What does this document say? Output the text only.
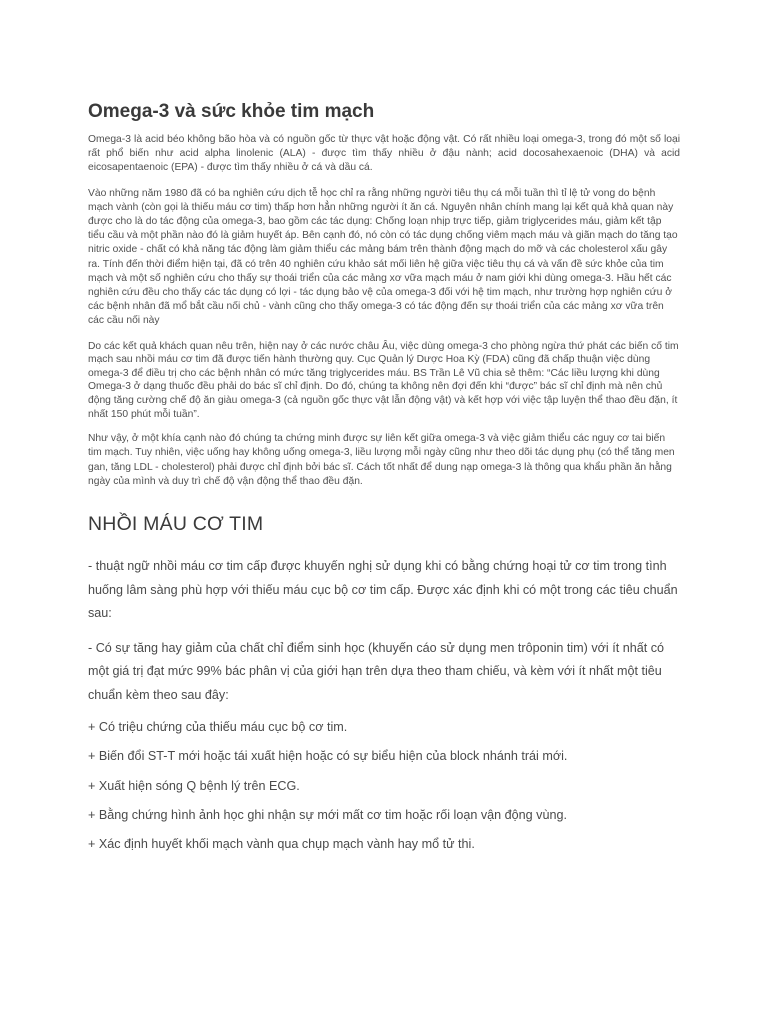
Omega-3 và sức khỏe tim mạch

Omega-3 là acid béo không bão hòa và có nguồn gốc từ thực vật hoặc động vật. Có rất nhiều loại omega-3, trong đó một số loại rất phổ biến như acid alpha linolenic (ALA) - được tìm thấy nhiều ở đậu nành; acid docosahexaenoic (DHA) và acid eicosapentaenoic (EPA) - được tìm thấy nhiều ở cá và dầu cá.

Vào những năm 1980 đã có ba nghiên cứu dịch tễ học chỉ ra rằng những người tiêu thụ cá mỗi tuần thì tỉ lệ tử vong do bệnh mạch vành (còn gọi là thiếu máu cơ tim) thấp hơn hẳn những người ít ăn cá. Nguyên nhân chính mang lại kết quả khả quan này được cho là do tác động của omega-3, bao gồm các tác dụng: Chống loạn nhịp trực tiếp, giảm triglycerides máu, giảm kết tập tiểu cầu và một phần nào đó là giảm huyết áp. Bên cạnh đó, nó còn có tác dụng chống viêm mạch máu và giãn mạch do tăng tạo nitric oxide - chất có khả năng tác động làm giảm thiểu các mảng bám trên thành động mạch do mỡ và các cholesterol xấu gây ra. Tính đến thời điểm hiện tại, đã có trên 40 nghiên cứu khảo sát mối liên hệ giữa việc tiêu thụ cá và vấn đề sức khỏe của tim mạch và một số nghiên cứu cho thấy sự thoái triển của các mảng xơ vữa mạch máu ở nam giới khi dùng omega-3. Hầu hết các nghiên cứu đều cho thấy các tác dụng có lợi - tác dụng bảo vệ của omega-3 đối với hệ tim mạch, như trường hợp nghiên cứu ở các bệnh nhân đã mổ bắt cầu nối chủ - vành cũng cho thấy omega-3 có tác động đến sự thoái triển của các mảng xơ vữa trên các cầu nối này

Do các kết quả khách quan nêu trên, hiện nay ở các nước châu Âu, việc dùng omega-3 cho phòng ngừa thứ phát các biến cố tim mạch sau nhồi máu cơ tim đã được tiến hành thường quy. Cục Quản lý Dược Hoa Kỳ (FDA) cũng đã chấp thuận việc dùng omega-3 để điều trị cho các bệnh nhân có mức tăng triglycerides máu. BS Trần Lê Vũ chia sẻ thêm: “Các liều lượng khi dùng Omega-3 ở dạng thuốc đều phải do bác sĩ chỉ định. Do đó, chúng ta không nên đợi đến khi “được” bác sĩ chỉ định mà nên chủ động tăng cường chế độ ăn giàu omega-3 (cả nguồn gốc thực vật lẫn động vật) và kết hợp với việc tập luyện thể thao đều đặn, ít nhất 150 phút mỗi tuần”.

Như vậy, ở một khía cạnh nào đó chúng ta chứng minh được sự liên kết giữa omega-3 và việc giảm thiểu các nguy cơ tai biến tim mạch. Tuy nhiên, việc uống hay không uống omega-3, liều lượng mỗi ngày cũng như theo dõi tác dụng phụ (có thể tăng men gan, tăng LDL - cholesterol) phải được chỉ định bởi bác sĩ. Cách tốt nhất để dung nạp omega-3 là thông qua khẩu phần ăn hằng ngày của mình và duy trì chế độ vận động thể thao đều đặn.

NHỒI MÁU CƠ TIM

- thuật ngữ nhồi máu cơ tim cấp được khuyến nghị sử dụng khi có bằng chứng hoại tử cơ tim trong tình huống lâm sàng phù hợp với thiếu máu cục bộ cơ tim cấp. Được xác định khi có một trong các tiêu chuẩn sau:

- Có sự tăng hay giảm của chất chỉ điểm sinh học (khuyến cáo sử dụng men trôponin tim) với ít nhất có một giá trị đạt mức 99% bác phân vị của giới hạn trên dựa theo tham chiếu, và kèm với ít nhất một tiêu chuẩn kèm theo sau đây:

+ Có triệu chứng của thiếu máu cục bộ cơ tim.
+ Biến đổi ST-T mới hoặc tái xuất hiện hoặc có sự biểu hiện của block nhánh trái mới.
+ Xuất hiện sóng Q bệnh lý trên ECG.
+ Bằng chứng hình ảnh học ghi nhận sự mới mất cơ tim hoặc rối loạn vận động vùng.
+ Xác định huyết khối mạch vành qua chụp mạch vành hay mổ tử thi.
